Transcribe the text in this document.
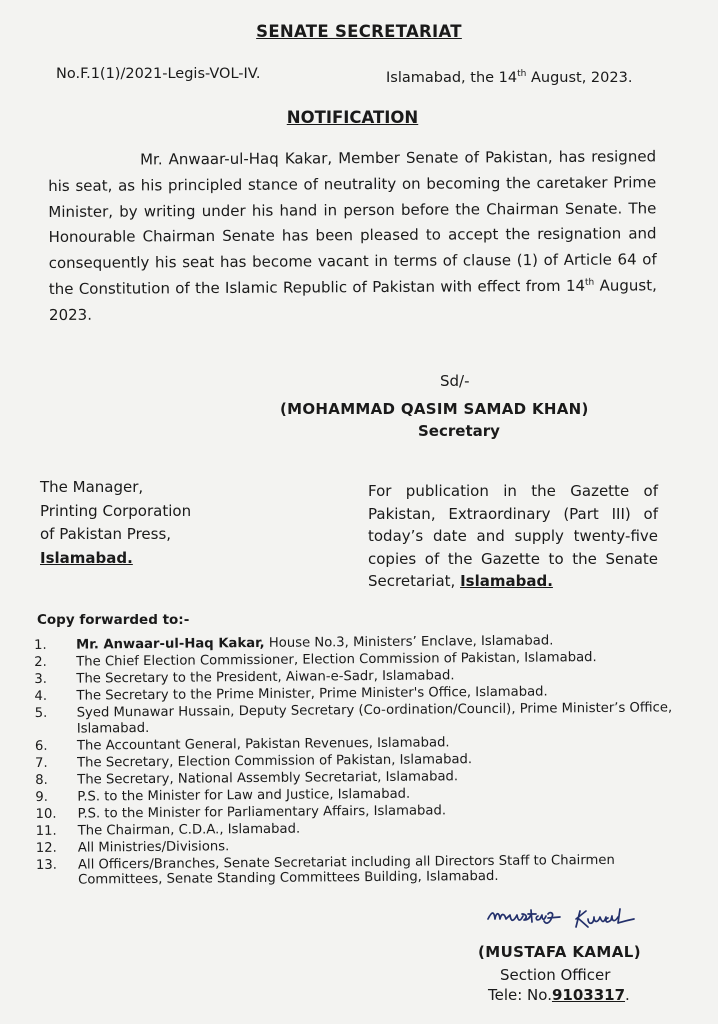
SENATE SECRETARIAT
No.F.1(1)/2021-Legis-VOL-IV.	Islamabad, the 14th August, 2023.
NOTIFICATION
Mr. Anwaar-ul-Haq Kakar, Member Senate of Pakistan, has resigned his seat, as his principled stance of neutrality on becoming the caretaker Prime Minister, by writing under his hand in person before the Chairman Senate. The Honourable Chairman Senate has been pleased to accept the resignation and consequently his seat has become vacant in terms of clause (1) of Article 64 of the Constitution of the Islamic Republic of Pakistan with effect from 14th August, 2023.
Sd/-
(MOHAMMAD QASIM SAMAD KHAN)
Secretary
The Manager,
Printing Corporation
of Pakistan Press,
Islamabad.
For publication in the Gazette of Pakistan, Extraordinary (Part III) of today’s date and supply twenty-five copies of the Gazette to the Senate Secretariat, Islamabad.
Copy forwarded to:-
1.	Mr. Anwaar-ul-Haq Kakar, House No.3, Ministers’ Enclave, Islamabad.
2.	The Chief Election Commissioner, Election Commission of Pakistan, Islamabad.
3.	The Secretary to the President, Aiwan-e-Sadr, Islamabad.
4.	The Secretary to the Prime Minister, Prime Minister's Office, Islamabad.
5.	Syed Munawar Hussain, Deputy Secretary (Co-ordination/Council), Prime Minister’s Office, Islamabad.
6.	The Accountant General, Pakistan Revenues, Islamabad.
7.	The Secretary, Election Commission of Pakistan, Islamabad.
8.	The Secretary, National Assembly Secretariat, Islamabad.
9.	P.S. to the Minister for Law and Justice, Islamabad.
10.	P.S. to the Minister for Parliamentary Affairs, Islamabad.
11.	The Chairman, C.D.A., Islamabad.
12.	All Ministries/Divisions.
13.	All Officers/Branches, Senate Secretariat including all Directors Staff to Chairmen Committees, Senate Standing Committees Building, Islamabad.
(MUSTAFA KAMAL)
Section Officer
Tele: No.9103317.
